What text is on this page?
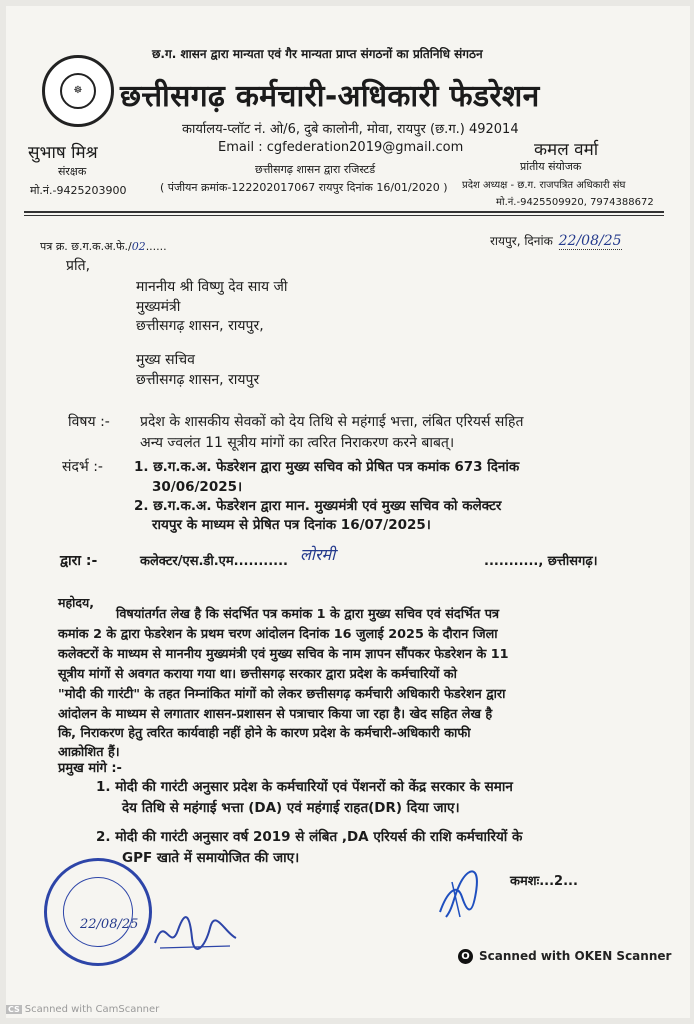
☸
छ.ग. शासन द्वारा मान्यता एवं गैर मान्यता प्राप्त संगठनों का प्रतिनिधि संगठन
छत्तीसगढ़ कर्मचारी-अधिकारी फेडरेशन
कार्यालय-प्लॉट नं. ओ/6, दुबे कालोनी, मोवा, रायपुर (छ.ग.) 492014
Email : cgfederation2019@gmail.com
छत्तीसगढ़ शासन द्वारा रजिस्टर्ड
( पंजीयन क्रमांक-122202017067 रायपुर दिनांक 16/01/2020 )
सुभाष मिश्र
संरक्षक
मो.नं.-9425203900
कमल वर्मा
प्रांतीय संयोजक
प्रदेश अध्यक्ष - छ.ग. राजपत्रित अधिकारी संघ
मो.नं.-9425509920, 7974388672
पत्र क्र. छ.ग.क.अ.फे./02......	रायपुर, दिनांक 22/08/25
प्रति,
माननीय श्री विष्णु देव साय जी
मुख्यमंत्री
छत्तीसगढ़ शासन, रायपुर,
मुख्य सचिव
छत्तीसगढ़ शासन, रायपुर
विषय :- प्रदेश के शासकीय सेवकों को देय तिथि से महंगाई भत्ता, लंबित एरियर्स सहित
अन्य ज्वलंत 11 सूत्रीय मांगों का त्वरित निराकरण करने बाबत्।
संदर्भ :- 1. छ.ग.क.अ. फेडरेशन द्वारा मुख्य सचिव को प्रेषित पत्र कमांक 673 दिनांक
30/06/2025।
2. छ.ग.क.अ. फेडरेशन द्वारा मान. मुख्यमंत्री एवं मुख्य सचिव को कलेक्टर
रायपुर के माध्यम से प्रेषित पत्र दिनांक 16/07/2025।
द्वारा :-	कलेक्टर/एस.डी.एम........... लोरमी	..........., छत्तीसगढ़।
महोदय,
विषयांतर्गत लेख है कि संदर्भित पत्र कमांक 1 के द्वारा मुख्य सचिव एवं संदर्भित पत्र
कमांक 2 के द्वारा फेडरेशन के प्रथम चरण आंदोलन दिनांक 16 जुलाई 2025 के दौरान जिला
कलेक्टरों के माध्यम से माननीय मुख्यमंत्री एवं मुख्य सचिव के नाम ज्ञापन सौंपकर फेडरेशन के 11
सूत्रीय मांगों से अवगत कराया गया था। छत्तीसगढ़ सरकार द्वारा प्रदेश के कर्मचारियों को
"मोदी की गारंटी" के तहत निम्नांकित मांगों को लेकर छत्तीसगढ़ कर्मचारी अधिकारी फेडरेशन द्वारा
आंदोलन के माध्यम से लगातार शासन-प्रशासन से पत्राचार किया जा रहा है। खेद सहित लेख है
कि, निराकरण हेतु त्वरित कार्यवाही नहीं होने के कारण प्रदेश के कर्मचारी-अधिकारी काफी
आक्रोशित हैं।
प्रमुख मांगे :-
1. मोदी की गारंटी अनुसार प्रदेश के कर्मचारियों एवं पेंशनरों को केंद्र सरकार के समान
देय तिथि से महंगाई भत्ता (DA) एवं महंगाई राहत(DR) दिया जाए।
2. मोदी की गारंटी अनुसार वर्ष 2019 से लंबित ,DA एरियर्स की राशि कर्मचारियों के
GPF खाते में समायोजित की जाए।
कमशः...2...
22/08/25
O Scanned with OKEN Scanner
CS Scanned with CamScanner
